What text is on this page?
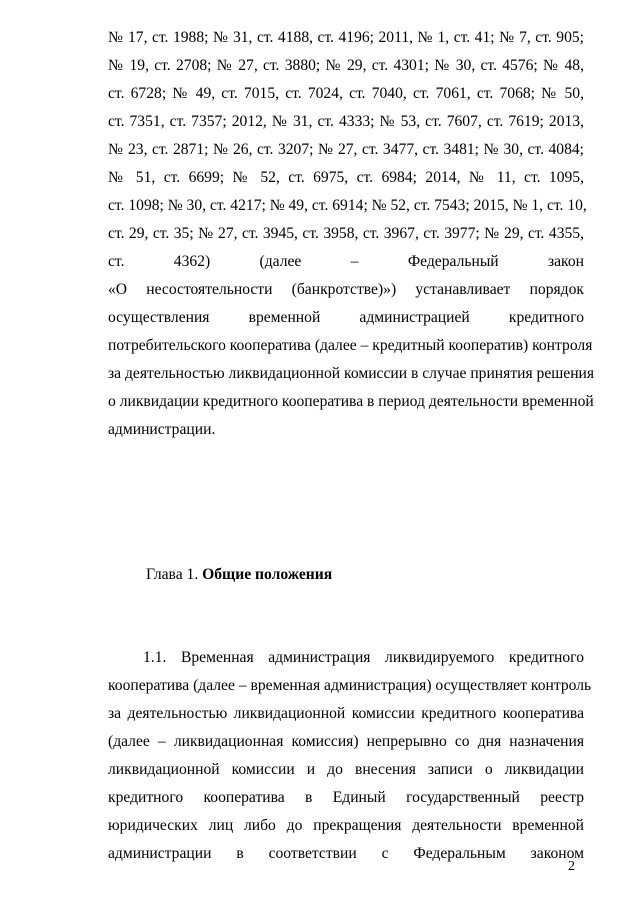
№ 17, ст. 1988; № 31, ст. 4188, ст. 4196; 2011, № 1, ст. 41; № 7, ст. 905;
№ 19, ст. 2708; № 27, ст. 3880; № 29, ст. 4301; № 30, ст. 4576; № 48,
ст. 6728; № 49, ст. 7015, ст. 7024, ст. 7040, ст. 7061, ст. 7068; № 50,
ст. 7351, ст. 7357; 2012, № 31, ст. 4333; № 53, ст. 7607, ст. 7619; 2013,
№ 23, ст. 2871; № 26, ст. 3207; № 27, ст. 3477, ст. 3481; № 30, ст. 4084;
№ 51, ст. 6699; № 52, ст. 6975, ст. 6984; 2014, № 11, ст. 1095,
ст. 1098; № 30, ст. 4217; № 49, ст. 6914; № 52, ст. 7543; 2015, № 1, ст. 10,
ст. 29, ст. 35; № 27, ст. 3945, ст. 3958, ст. 3967, ст. 3977; № 29, ст. 4355,
ст. 4362) (далее – Федеральный закон
«О несостоятельности (банкротстве)») устанавливает порядок
осуществления временной администрацией кредитного
потребительского кооператива (далее – кредитный кооператив) контроля
за деятельностью ликвидационной комиссии в случае принятия решения
о ликвидации кредитного кооператива в период деятельности временной
администрации.
Глава 1. Общие положения
1.1. Временная администрация ликвидируемого кредитного
кооператива (далее – временная администрация) осуществляет контроль
за деятельностью ликвидационной комиссии кредитного кооператива
(далее – ликвидационная комиссия) непрерывно со дня назначения
ликвидационной комиссии и до внесения записи о ликвидации
кредитного кооператива в Единый государственный реестр
юридических лиц либо до прекращения деятельности временной
администрации в соответствии с Федеральным законом
2
